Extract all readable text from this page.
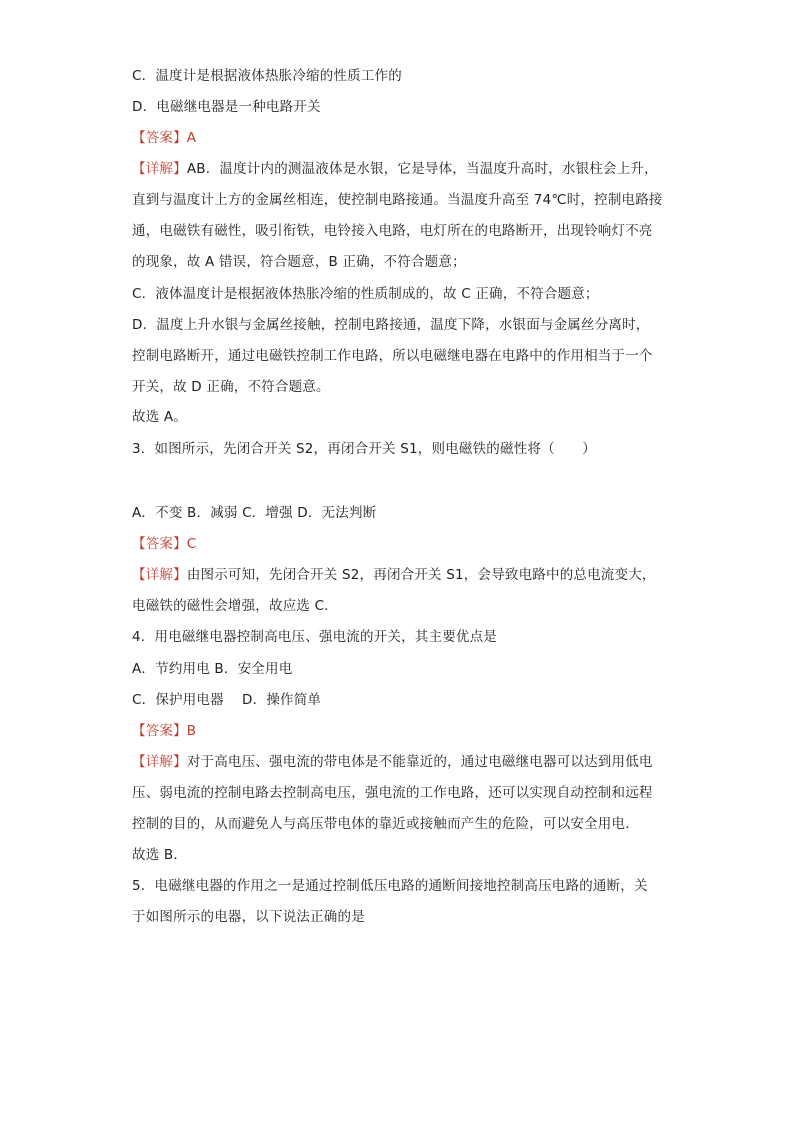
C．温度计是根据液体热胀冷缩的性质工作的
D．电磁继电器是一种电路开关
【答案】A
【详解】AB．温度计内的测温液体是水银，它是导体，当温度升高时，水银柱会上升，
直到与温度计上方的金属丝相连，使控制电路接通。当温度升高至 74℃时，控制电路接
通，电磁铁有磁性，吸引衔铁，电铃接入电路，电灯所在的电路断开，出现铃响灯不亮
的现象，故 A 错误，符合题意，B 正确，不符合题意；
C．液体温度计是根据液体热胀冷缩的性质制成的，故 C 正确，不符合题意；
D．温度上升水银与金属丝接触，控制电路接通，温度下降，水银面与金属丝分离时，
控制电路断开，通过电磁铁控制工作电路，所以电磁继电器在电路中的作用相当于一个
开关，故 D 正确，不符合题意。
故选 A。
3．如图所示，先闭合开关 S2，再闭合开关 S1，则电磁铁的磁性将（　　）
A．不变 B．减弱 C．增强 D．无法判断
【答案】C
【详解】由图示可知，先闭合开关 S2，再闭合开关 S1，会导致电路中的总电流变大，
电磁铁的磁性会增强，故应选 C．
4．用电磁继电器控制高电压、强电流的开关，其主要优点是
A．节约用电 B．安全用电
C．保护用电器　 D．操作简单
【答案】B
【详解】对于高电压、强电流的带电体是不能靠近的，通过电磁继电器可以达到用低电
压、弱电流的控制电路去控制高电压，强电流的工作电路，还可以实现自动控制和远程
控制的目的，从而避免人与高压带电体的靠近或接触而产生的危险，可以安全用电．
故选 B．
5．电磁继电器的作用之一是通过控制低压电路的通断间接地控制高压电路的通断，关
于如图所示的电器，以下说法正确的是
